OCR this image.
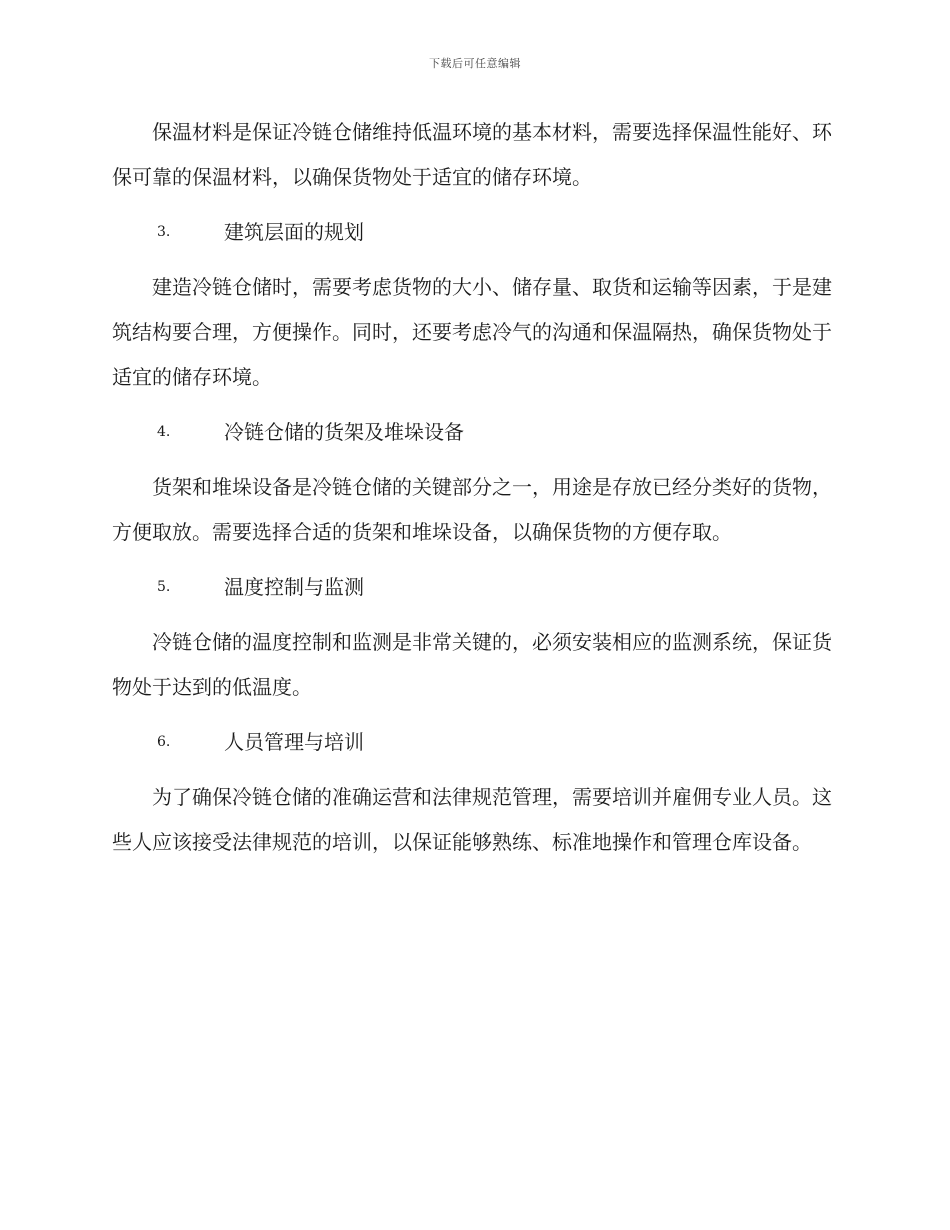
下载后可任意编辑

保温材料是保证冷链仓储维持低温环境的基本材料，需要选择保温性能好、环保可靠的保温材料，以确保货物处于适宜的储存环境。

3.	建筑层面的规划

建造冷链仓储时，需要考虑货物的大小、储存量、取货和运输等因素，于是建筑结构要合理，方便操作。同时，还要考虑冷气的沟通和保温隔热，确保货物处于适宜的储存环境。

4.	冷链仓储的货架及堆垛设备

货架和堆垛设备是冷链仓储的关键部分之一，用途是存放已经分类好的货物，方便取放。需要选择合适的货架和堆垛设备，以确保货物的方便存取。

5.	温度控制与监测

冷链仓储的温度控制和监测是非常关键的，必须安装相应的监测系统，保证货物处于达到的低温度。

6.	人员管理与培训

为了确保冷链仓储的准确运营和法律规范管理，需要培训并雇佣专业人员。这些人应该接受法律规范的培训，以保证能够熟练、标准地操作和管理仓库设备。
